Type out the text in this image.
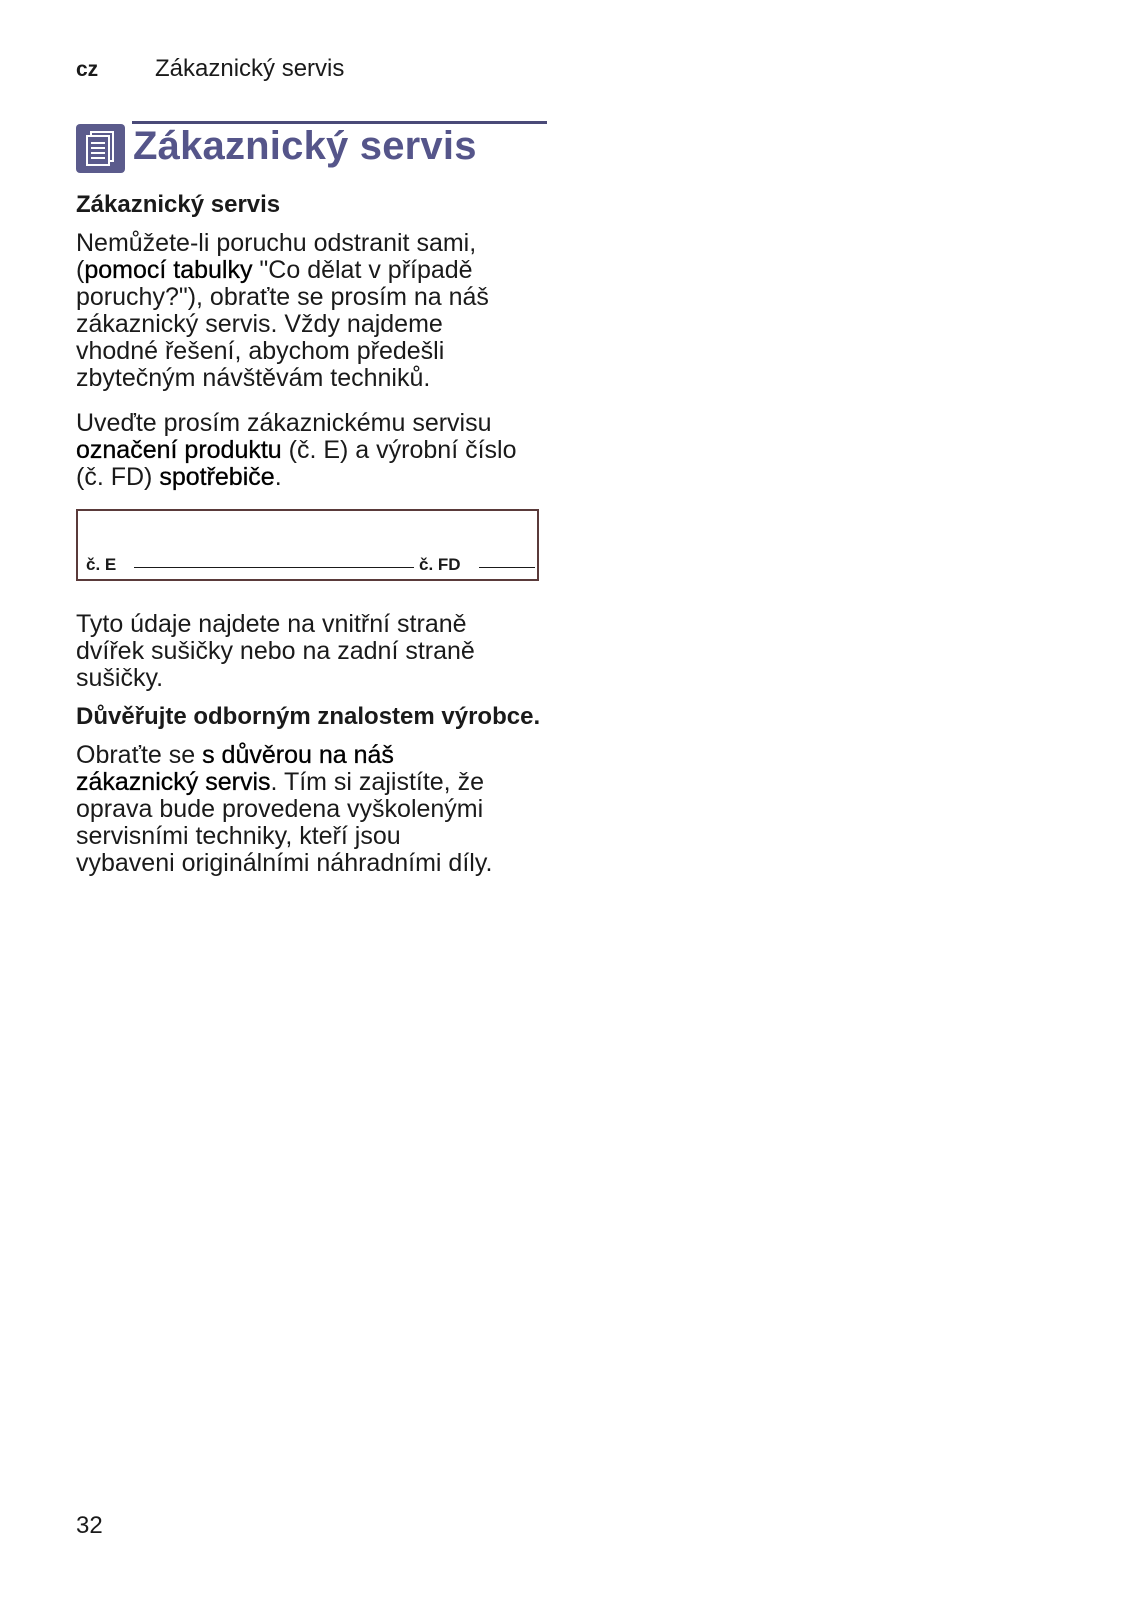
cz Zákaznický servis
Zákaznický servis
Zákaznický servis

Nemůžete-li poruchu odstranit sami, (pomocí tabulky "Co dělat v případě poruchy?"), obraťte se prosím na náš zákaznický servis. Vždy najdeme vhodné řešení, abychom předešli zbytečným návštěvám techniků.

Uveďte prosím zákaznickému servisu označení produktu (č. E) a výrobní číslo (č. FD) spotřebiče.

č. E	č. FD

Tyto údaje najdete na vnitřní straně dvířek sušičky nebo na zadní straně sušičky.

Důvěřujte odborným znalostem výrobce.

Obraťte se s důvěrou na náš zákaznický servis. Tím si zajistíte, že oprava bude provedena vyškolenými servisními techniky, kteří jsou vybaveni originálními náhradními díly.

32
